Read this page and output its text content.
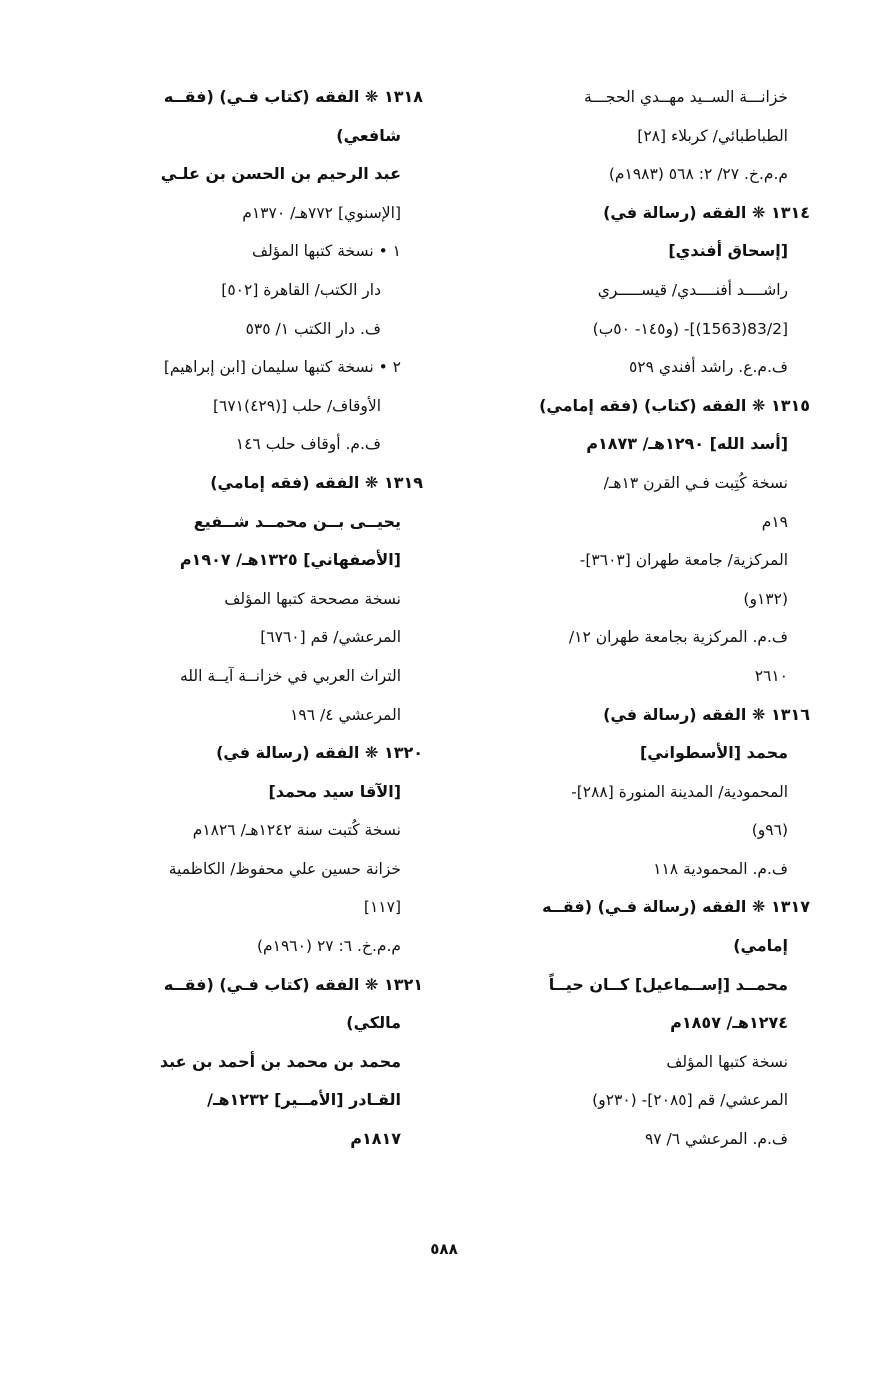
خزانـــة الســيد مهــدي الحجـــة
الطباطبائي/ كربلاء [٢٨]
م.م.خ. ٢٧/ ٢: ٥٦٨ (١٩٨٣م)
١٣١٤ ❋ الفقه (رسالة في)
[إسحاق أفندي]
راشــــد أفنــــدي/ قيســـــري
[83/2(1563)]- (و١٤٥- ٥٠ب)
ف.م.ع. راشد أفندي ٥٢٩
١٣١٥ ❋ الفقه (كتاب) (فقه إمامي)
[أسد الله] ١٢٩٠هـ/ ١٨٧٣م
نسخة كُتِبت فـي القرن ١٣هـ/
١٩م
المركزية/ جامعة طهران [٣٦٠٣]-
(١٣٢و)
ف.م. المركزية بجامعة طهران ١٢/
٢٦١٠
١٣١٦ ❋ الفقه (رسالة في)
محمد [الأسطواني]
المحمودية/ المدينة المنورة [٢٨٨]-
(٩٦و)
ف.م. المحمودية ١١٨
١٣١٧ ❋ الفقه (رسالة فـي) (فقــه
إمامي)
محمــد [إســماعيل] كــان حيــاً
١٢٧٤هـ/ ١٨٥٧م
نسخة كتبها المؤلف
المرعشي/ قم [٢٠٨٥]- (٢٣٠و)
ف.م. المرعشي ٦/ ٩٧
١٣١٨ ❋ الفقه (كتاب فـي) (فقــه
شافعي)
عبد الرحيم بن الحسن بن علـي
[الإسنوي] ٧٧٢هـ/ ١٣٧٠م
١ • نسخة كتبها المؤلف
دار الكتب/ القاهرة [٥٠٢]
ف. دار الكتب ١/ ٥٣٥
٢ • نسخة كتبها سليمان [ابن إبراهيم]
الأوقاف/ حلب [(٤٢٩)٦٧١]
ف.م. أوقاف حلب ١٤٦
١٣١٩ ❋ الفقه (فقه إمامي)
يحيــى بــن محمــد شــفيع
[الأصفهاني] ١٣٢٥هـ/ ١٩٠٧م
نسخة مصححة كتبها المؤلف
المرعشي/ قم [٦٧٦٠]
التراث العربي في خزانــة آيــة الله
المرعشي ٤/ ١٩٦
١٣٢٠ ❋ الفقه (رسالة في)
[الآقا سيد محمد]
نسخة كُتبت سنة ١٢٤٢هـ/ ١٨٢٦م
خزانة حسين علي محفوظ/ الكاظمية
[١١٧]
م.م.خ. ٦: ٢٧ (١٩٦٠م)
١٣٢١ ❋ الفقه (كتاب فـي) (فقــه
مالكي)
محمد بن محمد بن أحمد بن عبد
القـادر [الأمــير] ١٢٣٢هـ/
١٨١٧م
٥٨٨
